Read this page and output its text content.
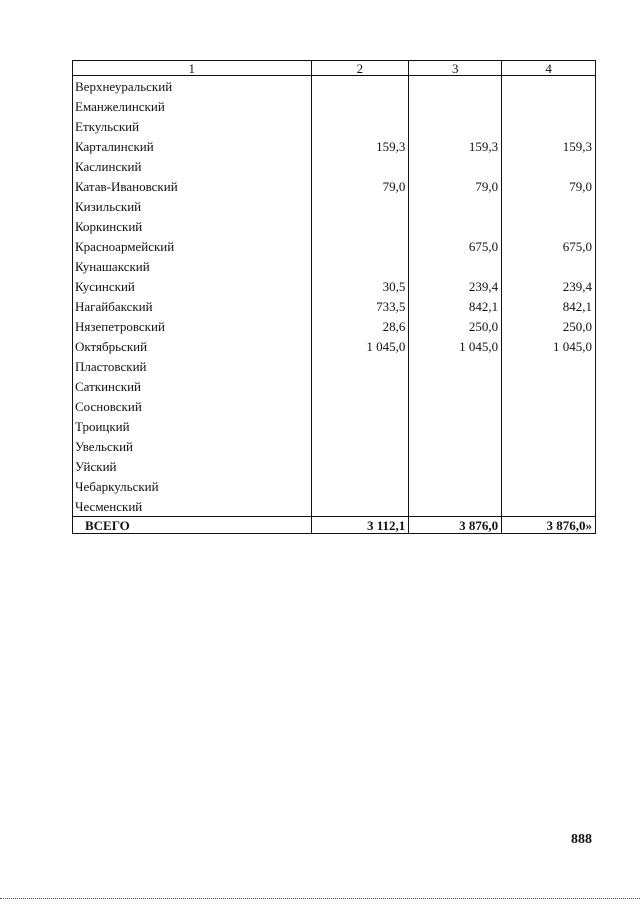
1	2	3	4
Верхнеуральский			
Еманжелинский			
Еткульский			
Карталинский	159,3	159,3	159,3
Каслинский			
Катав-Ивановский	79,0	79,0	79,0
Кизильский			
Коркинский			
Красноармейский		675,0	675,0
Кунашакский			
Кусинский	30,5	239,4	239,4
Нагайбакский	733,5	842,1	842,1
Нязепетровский	28,6	250,0	250,0
Октябрьский	1 045,0	1 045,0	1 045,0
Пластовский			
Саткинский			
Сосновский			
Троицкий			
Увельский			
Уйский			
Чебаркульский			
Чесменский			
ВСЕГО	3 112,1	3 876,0	3 876,0»
888
